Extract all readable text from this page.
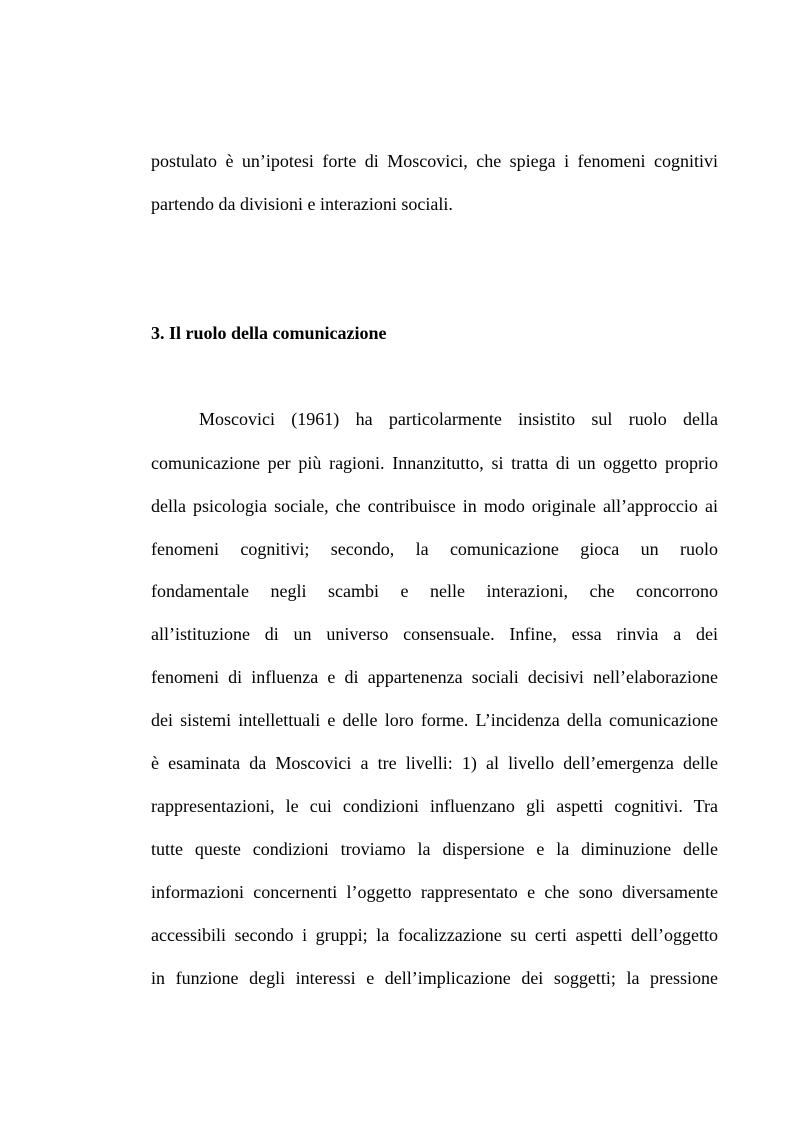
postulato è un’ipotesi forte di Moscovici, che spiega i fenomeni cognitivi
partendo da divisioni e interazioni sociali.
3. Il ruolo della comunicazione
Moscovici (1961) ha particolarmente insistito sul ruolo della
comunicazione per più ragioni. Innanzitutto, si tratta di un oggetto proprio
della psicologia sociale, che contribuisce in modo originale all’approccio ai
fenomeni cognitivi; secondo, la comunicazione gioca un ruolo
fondamentale negli scambi e nelle interazioni, che concorrono
all’istituzione di un universo consensuale. Infine, essa rinvia a dei
fenomeni di influenza e di appartenenza sociali decisivi nell’elaborazione
dei sistemi intellettuali e delle loro forme. L’incidenza della comunicazione
è esaminata da Moscovici a tre livelli: 1) al livello dell’emergenza delle
rappresentazioni, le cui condizioni influenzano gli aspetti cognitivi. Tra
tutte queste condizioni troviamo la dispersione e la diminuzione delle
informazioni concernenti l’oggetto rappresentato e che sono diversamente
accessibili secondo i gruppi; la focalizzazione su certi aspetti dell’oggetto
in funzione degli interessi e dell’implicazione dei soggetti; la pressione
